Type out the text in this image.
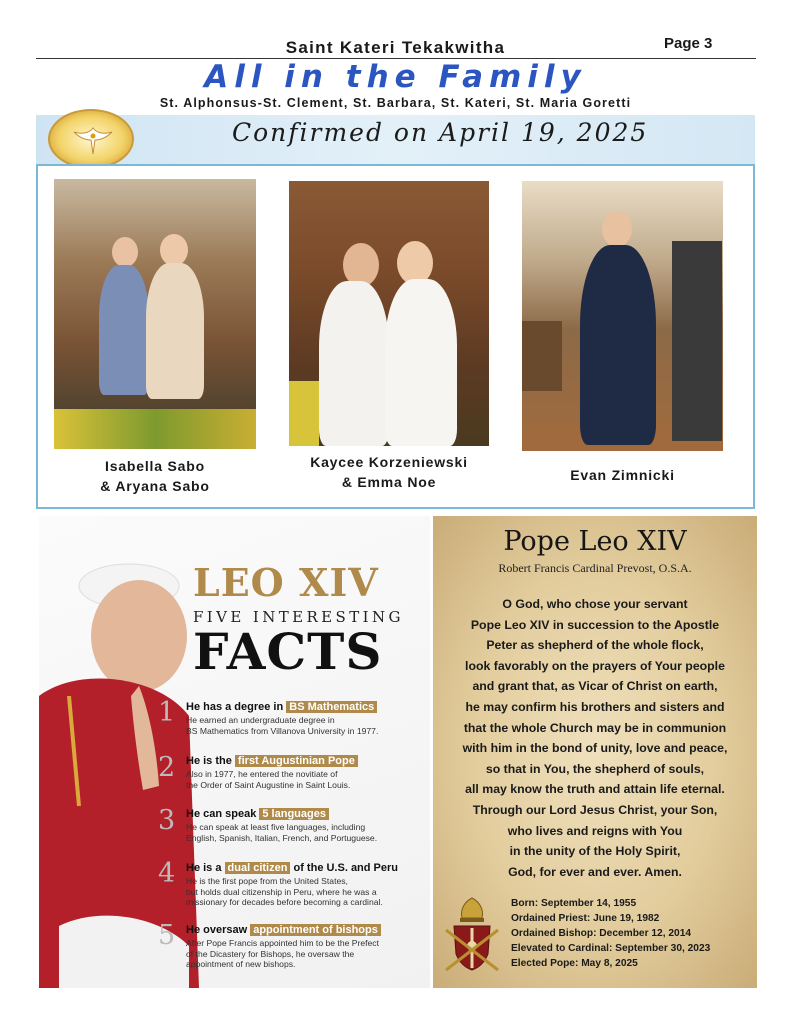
Saint Kateri Tekakwitha	Page 3
All in the Family
St. Alphonsus-St. Clement, St. Barbara, St. Kateri, St. Maria Goretti
Confirmed on April 19, 2025
Isabella Sabo
& Aryana Sabo
Kaycee Korzeniewski
& Emma Noe	Evan Zimnicki
LEO XIV
FIVE INTERESTING
FACTS
1 He has a degree in BS Mathematics
He earned an undergraduate degree in
BS Mathematics from Villanova University in 1977.
2 He is the first Augustinian Pope
Also in 1977, he entered the novitiate of
the Order of Saint Augustine in Saint Louis.
3 He can speak 5 languages
He can speak at least five languages, including
English, Spanish, Italian, French, and Portuguese.
4 He is a dual citizen of the U.S. and Peru
He is the first pope from the United States,
but holds dual citizenship in Peru, where he was a
missionary for decades before becoming a cardinal.
5 He oversaw appointment of bishops
After Pope Francis appointed him to be the Prefect
of the Dicastery for Bishops, he oversaw the
appointment of new bishops.
Pope Leo XIV
Robert Francis Cardinal Prevost, O.S.A.
O God, who chose your servant
Pope Leo XIV in succession to the Apostle
Peter as shepherd of the whole flock,
look favorably on the prayers of Your people
and grant that, as Vicar of Christ on earth,
he may confirm his brothers and sisters and
that the whole Church may be in communion
with him in the bond of unity, love and peace,
so that in You, the shepherd of souls,
all may know the truth and attain life eternal.
Through our Lord Jesus Christ, your Son,
who lives and reigns with You
in the unity of the Holy Spirit,
God, for ever and ever. Amen.
Born: September 14, 1955
Ordained Priest: June 19, 1982
Ordained Bishop: December 12, 2014
Elevated to Cardinal: September 30, 2023
Elected Pope: May 8, 2025
